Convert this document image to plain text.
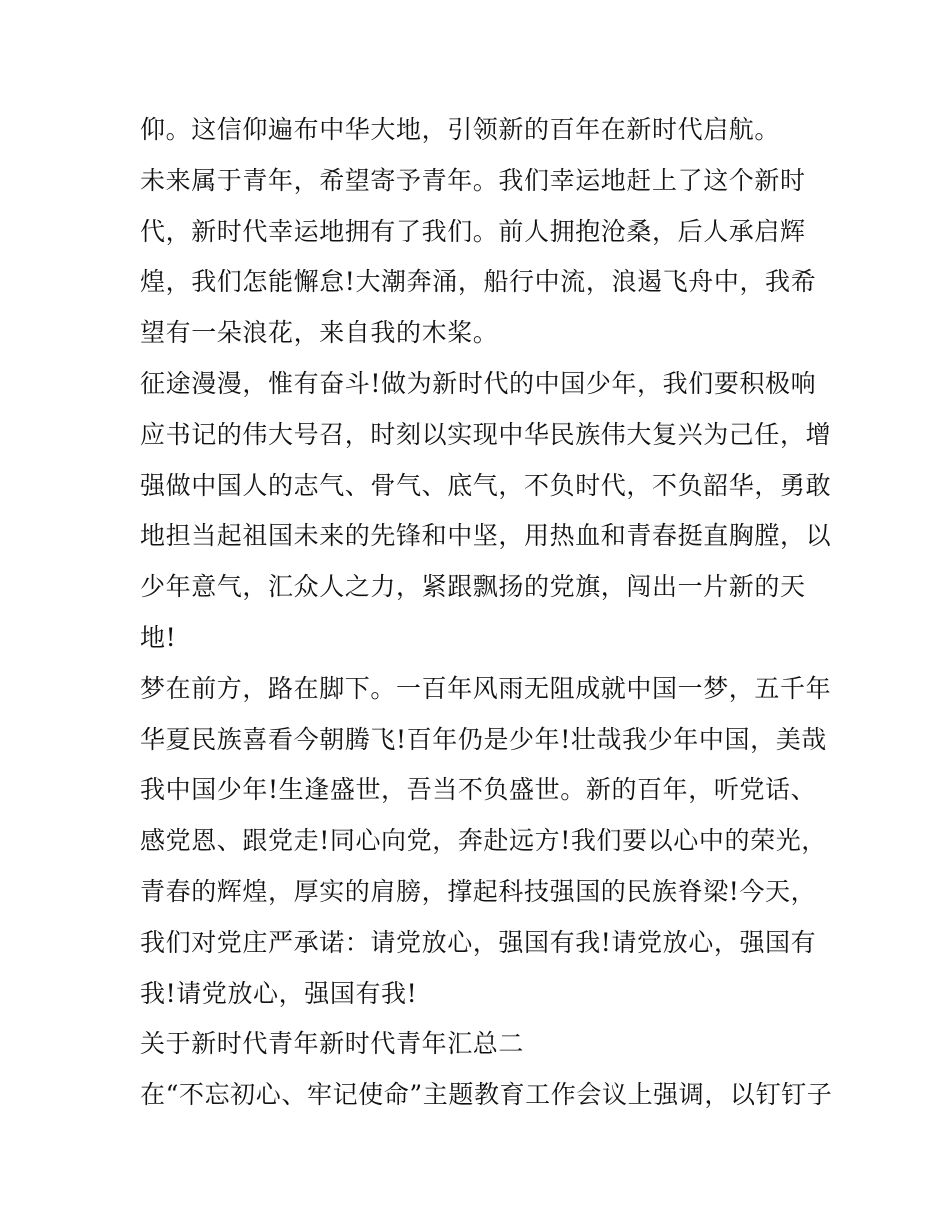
仰。这信仰遍布中华大地，引领新的百年在新时代启航。
未来属于青年，希望寄予青年。我们幸运地赶上了这个新时
代，新时代幸运地拥有了我们。前人拥抱沧桑，后人承启辉
煌，我们怎能懈怠!大潮奔涌，船行中流，浪遏飞舟中，我希
望有一朵浪花，来自我的木桨。
征途漫漫，惟有奋斗!做为新时代的中国少年，我们要积极响
应书记的伟大号召，时刻以实现中华民族伟大复兴为己任，增
强做中国人的志气、骨气、底气，不负时代，不负韶华，勇敢
地担当起祖国未来的先锋和中坚，用热血和青春挺直胸膛，以
少年意气，汇众人之力，紧跟飘扬的党旗，闯出一片新的天
地!
梦在前方，路在脚下。一百年风雨无阻成就中国一梦，五千年
华夏民族喜看今朝腾飞!百年仍是少年!壮哉我少年中国，美哉
我中国少年!生逢盛世，吾当不负盛世。新的百年，听党话、
感党恩、跟党走!同心向党，奔赴远方!我们要以心中的荣光，
青春的辉煌，厚实的肩膀，撑起科技强国的民族脊梁!今天，
我们对党庄严承诺：请党放心，强国有我!请党放心，强国有
我!请党放心，强国有我!
关于新时代青年新时代青年汇总二
在“不忘初心、牢记使命”主题教育工作会议上强调，以钉钉子
